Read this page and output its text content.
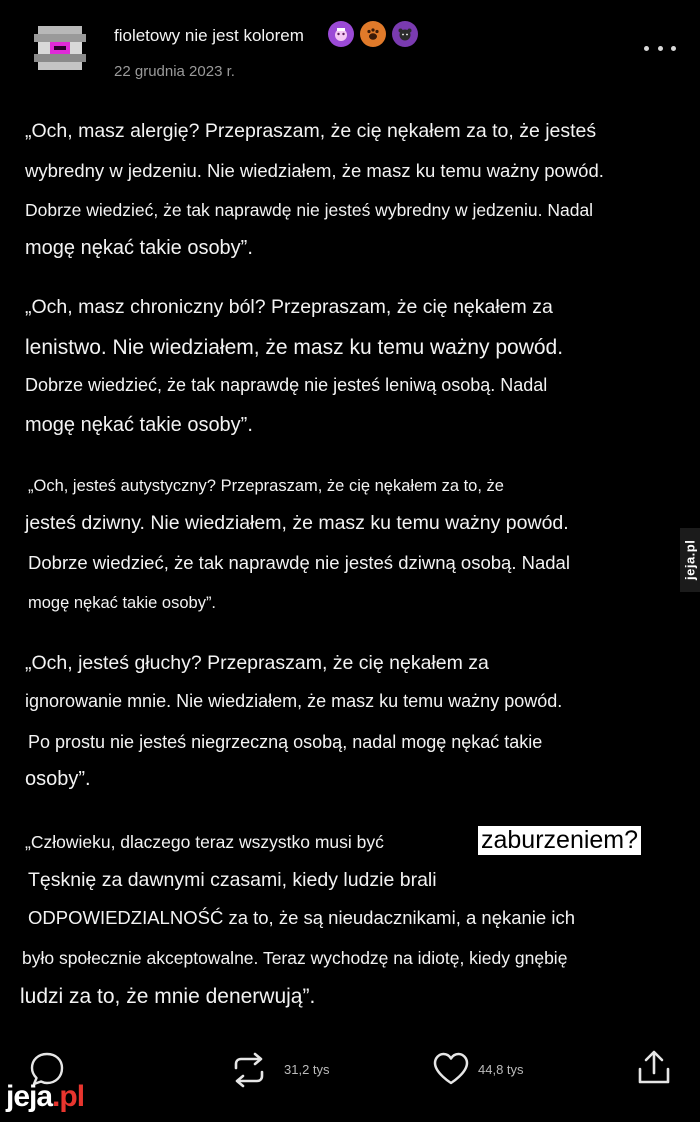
fioletowy nie jest kolorem
22 grudnia 2023 r.
„Och, masz alergię? Przepraszam, że cię nękałem za to, że jesteś
wybredny w jedzeniu. Nie wiedziałem, że masz ku temu ważny powód.
Dobrze wiedzieć, że tak naprawdę nie jesteś wybredny w jedzeniu. Nadal
mogę nękać takie osoby”.
„Och, masz chroniczny ból? Przepraszam, że cię nękałem za
lenistwo. Nie wiedziałem, że masz ku temu ważny powód.
Dobrze wiedzieć, że tak naprawdę nie jesteś leniwą osobą. Nadal
mogę nękać takie osoby”.
„Och, jesteś autystyczny? Przepraszam, że cię nękałem za to, że
jesteś dziwny. Nie wiedziałem, że masz ku temu ważny powód.
Dobrze wiedzieć, że tak naprawdę nie jesteś dziwną osobą. Nadal
mogę nękać takie osoby”.
„Och, jesteś głuchy? Przepraszam, że cię nękałem za
ignorowanie mnie. Nie wiedziałem, że masz ku temu ważny powód.
Po prostu nie jesteś niegrzeczną osobą, nadal mogę nękać takie
osoby”.
„Człowieku, dlaczego teraz wszystko musi być	zaburzeniem?
Tęsknię za dawnymi czasami, kiedy ludzie brali
ODPOWIEDZIALNOŚĆ za to, że są nieudacznikami, a nękanie ich
było społecznie akceptowalne. Teraz wychodzę na idiotę, kiedy gnębię
ludzi za to, że mnie denerwują”.
jeja.pl
31,2 tys	44,8 tys
jeja.pl
